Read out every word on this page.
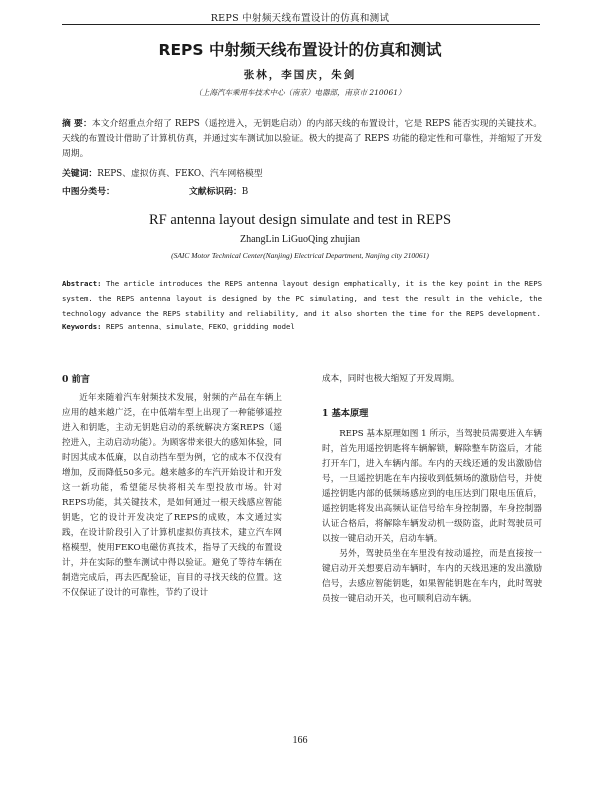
REPS 中射频天线布置设计的仿真和测试
REPS 中射频天线布置设计的仿真和测试
张林，李国庆，朱剑
（上海汽车乘用车技术中心（南京）电器部，南京市 210061）
摘 要：本文介绍重点介绍了 REPS（遥控进入，无钥匙启动）的内部天线的布置设计，它是 REPS 能否实现的关键技术。天线的布置设计借助了计算机仿真，并通过实车测试加以验证。极大的提高了 REPS 功能的稳定性和可靠性，并缩短了开发周期。
关键词：REPS、虚拟仿真、FEKO、汽车网格模型
中图分类号：	文献标识码：B
RF antenna layout design simulate and test in REPS
ZhangLin LiGuoQing zhujian
(SAIC Motor Technical Center(Nanjing) Electrical Department, Nanjing city 210061)
Abstract: The article introduces the REPS antenna layout design emphatically, it is the key point in the REPS system. the REPS antenna layout is designed by the PC simulating, and test the result in the vehicle, the technology advance the REPS stability and reliability, and it also shorten the time for the REPS development.
Keywords: REPS antenna、simulate、FEKO、gridding model
0 前言

近年来随着汽车射频技术发展，射频的产品在车辆上应用的越来越广泛，在中低端车型上出现了一种能够遥控进入和钥匙，主动无钥匙启动的系统解决方案REPS（遥控进入，主动启动功能）。为顾客带来很大的感知体验，同时因其成本低廉，以自动挡车型为例，它的成本不仅没有增加，反而降低50多元。越来越多的车汽开始设计和开发这一新功能，希望能尽快将相关车型投放市场。针对REPS功能，其关键技术，是如何通过一根天线感应智能钥匙，它的设计开发决定了REPS的成败，本文通过实践，在设计阶段引入了计算机虚拟仿真技术，建立汽车网格模型，使用FEKO电磁仿真技术，指导了天线的布置设计，并在实际的整车测试中得以验证。避免了等待车辆在制造完成后，再去匹配验证，盲目的寻找天线的位置。这不仅保证了设计的可靠性，节约了设计

成本，同时也极大缩短了开发周期。

1 基本原理

REPS 基本原理如图 1 所示，当驾驶员需要进入车辆时，首先用遥控钥匙将车辆解锁，解除整车防盗后，才能打开车门，进入车辆内部。车内的天线还通的发出激励信号，一旦遥控钥匙在车内接收到低频场的激励信号，并使遥控钥匙内部的低频场感应到的电压达到门限电压值后，遥控钥匙将发出高频认证信号给车身控制器，车身控制器认证合格后，将解除车辆发动机一级防盗，此时驾驶员可以按一键启动开关，启动车辆。

另外，驾驶员坐在车里没有按动遥控，而是直接按一键启动开关想要启动车辆时，车内的天线迅速的发出激励信号，去感应智能钥匙，如果智能钥匙在车内，此时驾驶员按一键启动开关，也可顺利启动车辆。

166
